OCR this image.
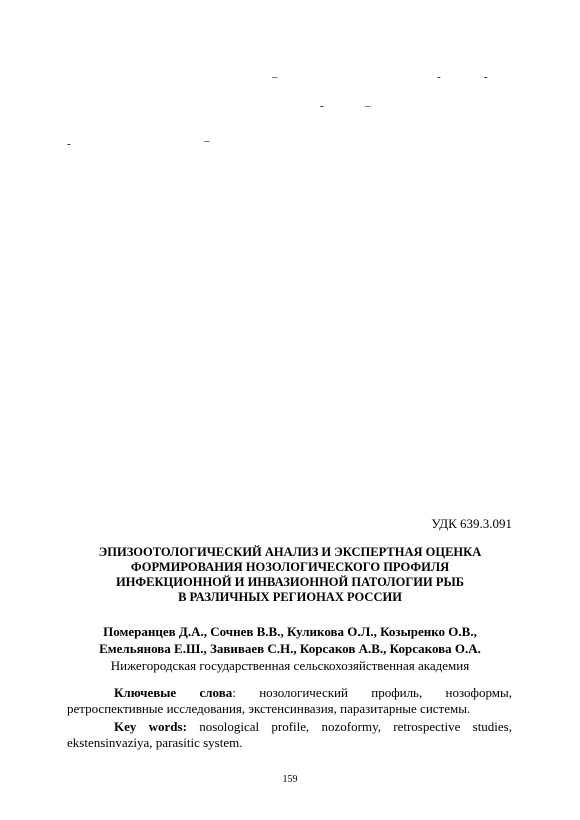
–	-	-
-	–
-	–
УДК 639.3.091
ЭПИЗООТОЛОГИЧЕСКИЙ АНАЛИЗ И ЭКСПЕРТНАЯ ОЦЕНКА
ФОРМИРОВАНИЯ НОЗОЛОГИЧЕСКОГО ПРОФИЛЯ
ИНФЕКЦИОННОЙ И ИНВАЗИОННОЙ ПАТОЛОГИИ РЫБ
В РАЗЛИЧНЫХ РЕГИОНАХ РОССИИ
Померанцев Д.А., Сочнев В.В., Куликова О.Л., Козыренко О.В.,
Емельянова Е.Ш., Завиваев С.Н., Корсаков А.В., Корсакова О.А.
Нижегородская государственная сельскохозяйственная академия
Ключевые слова: нозологический профиль, нозоформы,
ретроспективные исследования, экстенсинвазия, паразитарные системы.
Key words: nosological profile, nozoformy, retrospective studies,
ekstensinvaziya, parasitic system.
159
